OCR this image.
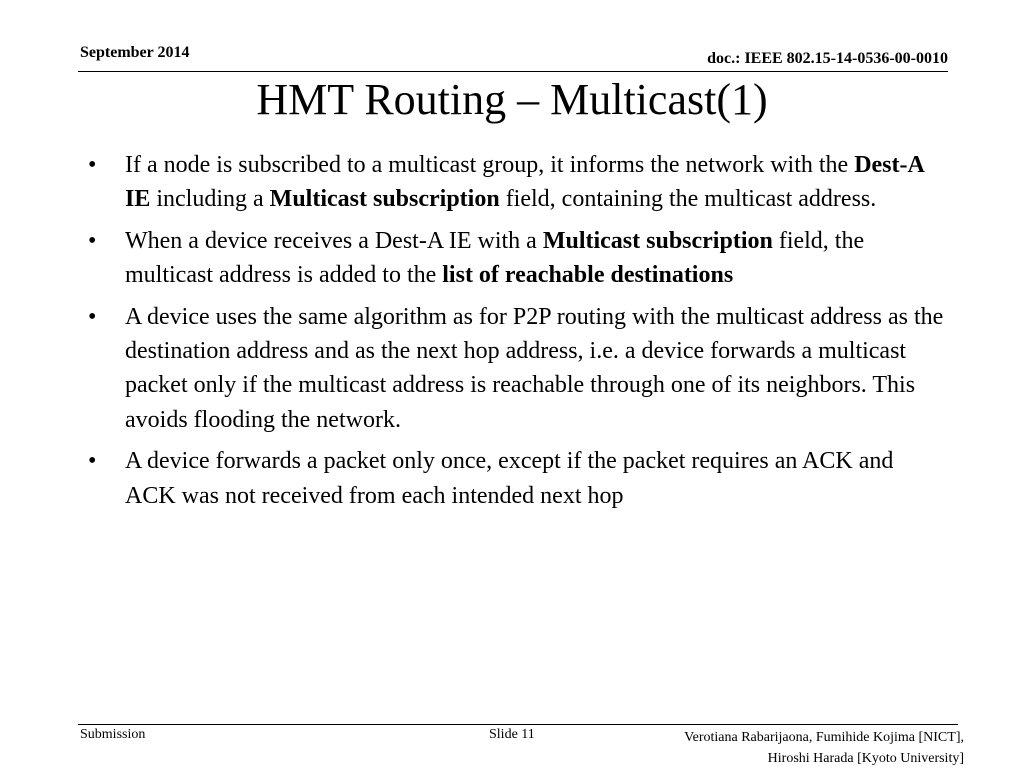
September 2014	doc.: IEEE 802.15-14-0536-00-0010
HMT Routing – Multicast(1)
• If a node is subscribed to a multicast group, it informs the network with the Dest-A IE including a Multicast subscription field, containing the multicast address.
• When a device receives a Dest-A IE with a Multicast subscription field, the multicast address is added to the list of reachable destinations
• A device uses the same algorithm as for P2P routing with the multicast address as the destination address and as the next hop address, i.e. a device forwards a multicast packet only if the multicast address is reachable through one of its neighbors. This avoids flooding the network.
• A device forwards a packet only once, except if the packet requires an ACK and ACK was not received from each intended next hop
Submission	Slide 11	Verotiana Rabarijaona, Fumihide Kojima [NICT],
Hiroshi Harada [Kyoto University]
